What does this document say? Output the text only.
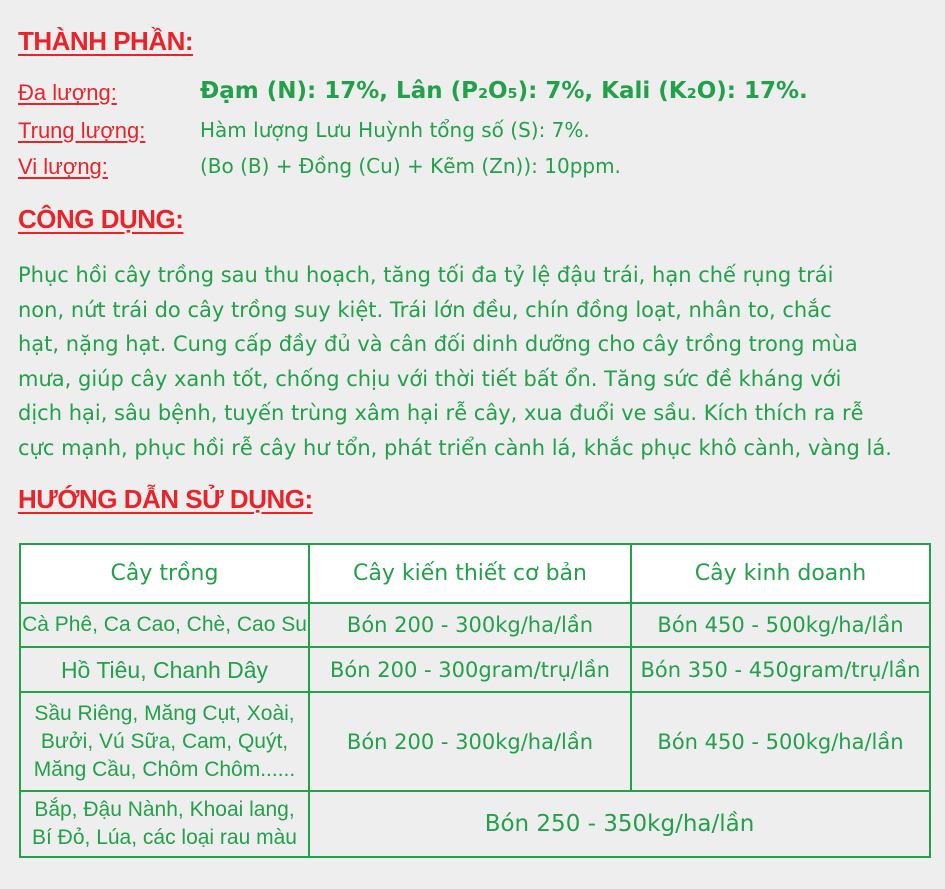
THÀNH PHẦN:
Đa lượng:	Đạm (N): 17%, Lân (P₂O₅): 7%, Kali (K₂O): 17%.
Trung lượng:	Hàm lượng Lưu Huỳnh tổng số (S): 7%.
Vi lượng:	(Bo (B) + Đồng (Cu) + Kẽm (Zn)): 10ppm.
CÔNG DỤNG:

Phục hồi cây trồng sau thu hoạch, tăng tối đa tỷ lệ đậu trái, hạn chế rụng trái

non, nứt trái do cây trồng suy kiệt. Trái lớn đều, chín đồng loạt, nhân to, chắc

hạt, nặng hạt. Cung cấp đầy đủ và cân đối dinh dưỡng cho cây trồng trong mùa

mưa, giúp cây xanh tốt, chống chịu với thời tiết bất ổn. Tăng sức đề kháng với

dịch hại, sâu bệnh, tuyến trùng xâm hại rễ cây, xua đuổi ve sầu. Kích thích ra rễ

cực mạnh, phục hồi rễ cây hư tổn, phát triển cành lá, khắc phục khô cành, vàng lá.

HƯỚNG DẪN SỬ DỤNG:
Cây trồng	Cây kiến thiết cơ bản	Cây kinh doanh

Cà Phê, Ca Cao, Chè, Cao Su	Bón 200 - 300kg/ha/lần	Bón 450 - 500kg/ha/lần

Hồ Tiêu, Chanh Dây	Bón 200 - 300gram/trụ/lần	Bón 350 - 450gram/trụ/lần

Sầu Riêng, Măng Cụt, Xoài,
Bưởi, Vú Sữa, Cam, Quýt,
Măng Cầu, Chôm Chôm......	Bón 200 - 300kg/ha/lần	Bón 450 - 500kg/ha/lần

Bắp, Đậu Nành, Khoai lang,
Bí Đỏ, Lúa, các loại rau màu	Bón 250 - 350kg/ha/lần	
